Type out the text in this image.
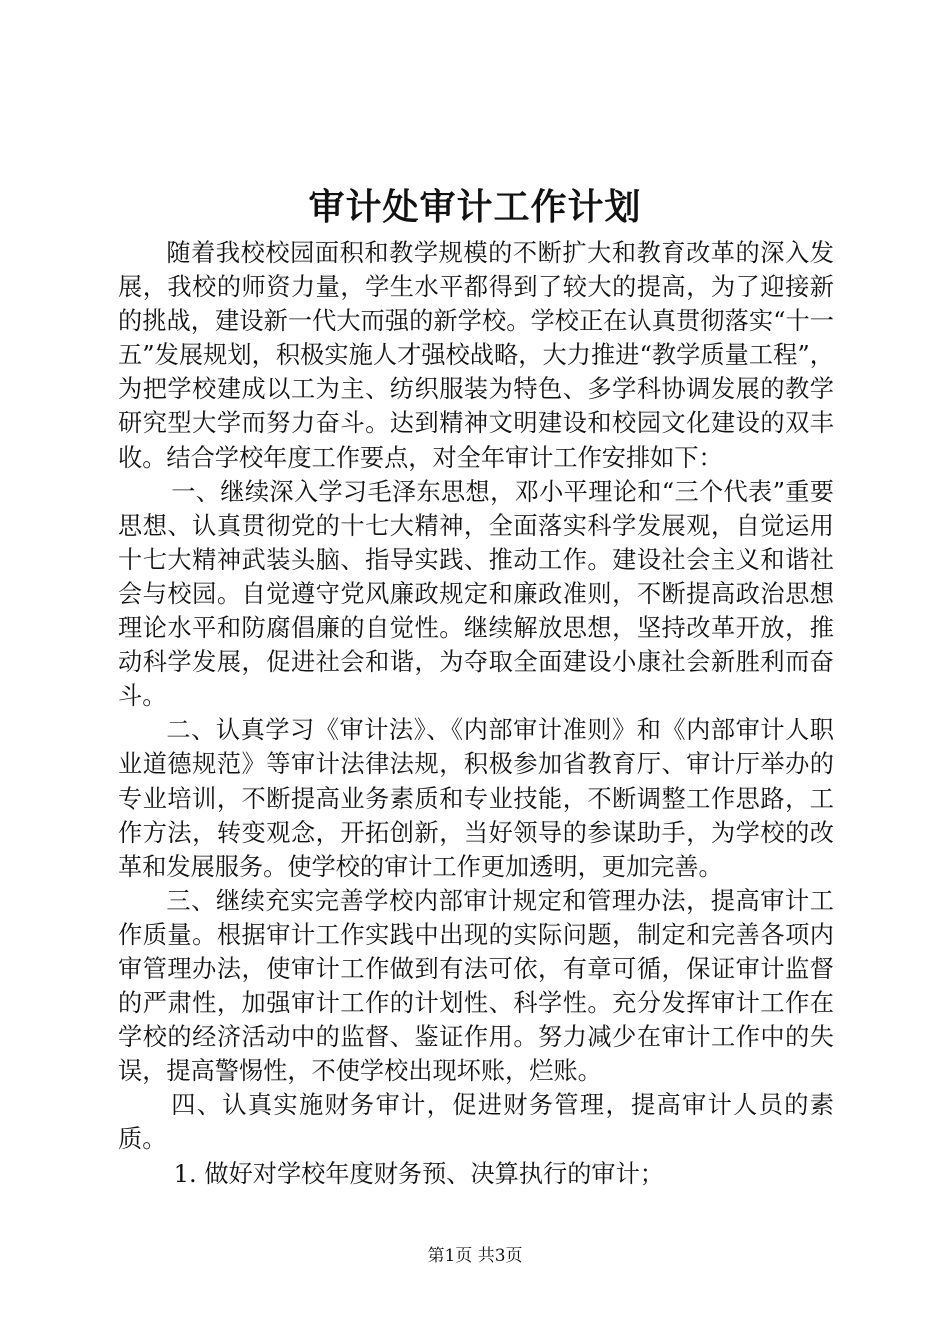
审计处审计工作计划

随着我校校园面积和教学规模的不断扩大和教育改革的深入发展，我校的师资力量，学生水平都得到了较大的提高，为了迎接新的挑战，建设新一代大而强的新学校。学校正在认真贯彻落实“十一五”发展规划，积极实施人才强校战略，大力推进“教学质量工程”，为把学校建成以工为主、纺织服装为特色、多学科协调发展的教学研究型大学而努力奋斗。达到精神文明建设和校园文化建设的双丰收。结合学校年度工作要点，对全年审计工作安排如下：

一、继续深入学习毛泽东思想，邓小平理论和“三个代表”重要思想、认真贯彻党的十七大精神，全面落实科学发展观，自觉运用十七大精神武装头脑、指导实践、推动工作。建设社会主义和谐社会与校园。自觉遵守党风廉政规定和廉政准则，不断提高政治思想理论水平和防腐倡廉的自觉性。继续解放思想，坚持改革开放，推动科学发展，促进社会和谐，为夺取全面建设小康社会新胜利而奋斗。

二、认真学习《审计法》、《内部审计准则》和《内部审计人职业道德规范》等审计法律法规，积极参加省教育厅、审计厅举办的专业培训，不断提高业务素质和专业技能，不断调整工作思路，工作方法，转变观念，开拓创新，当好领导的参谋助手，为学校的改革和发展服务。使学校的审计工作更加透明，更加完善。

三、继续充实完善学校内部审计规定和管理办法，提高审计工作质量。根据审计工作实践中出现的实际问题，制定和完善各项内审管理办法，使审计工作做到有法可依，有章可循，保证审计监督的严肃性，加强审计工作的计划性、科学性。充分发挥审计工作在学校的经济活动中的监督、鉴证作用。努力减少在审计工作中的失误，提高警惕性，不使学校出现坏账，烂账。

四、认真实施财务审计，促进财务管理，提高审计人员的素质。

1. 做好对学校年度财务预、决算执行的审计；

第1页 共3页
